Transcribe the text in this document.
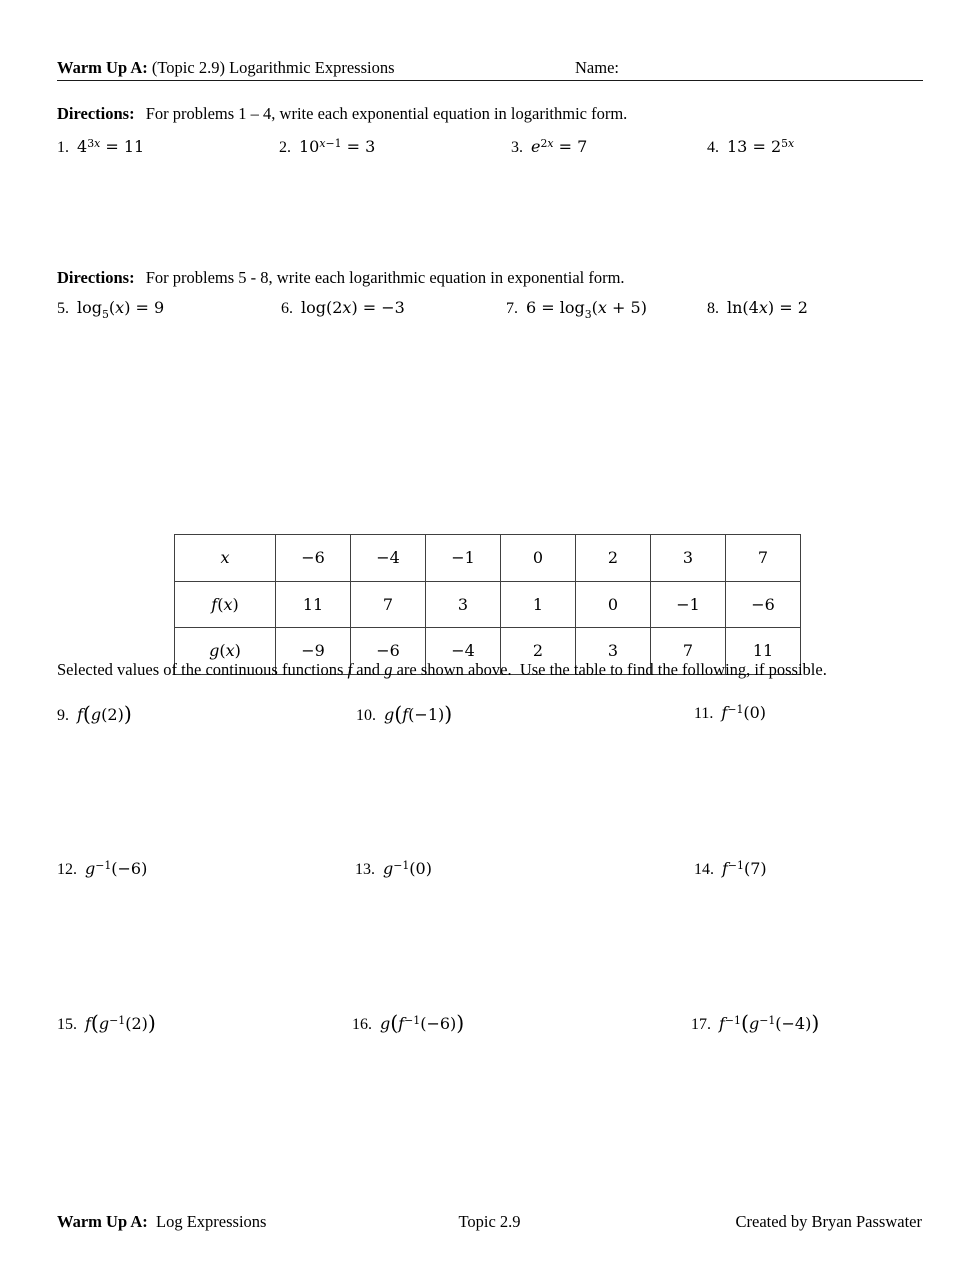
Warm Up A: (Topic 2.9) Logarithmic Expressions

	Name:

Directions: For problems 1 – 4, write each exponential equation in logarithmic form.

1. $4^{3x} = 11$

	2. $10^{x-1} = 3$

	3. $e^{2x} = 7$

	4. $13 = 2^{5x}$

Directions: For problems 5 - 8, write each logarithmic equation in exponential form.

5. $\log_5(x) = 9$

	6. log(2x) = −3

	7. $6 = \log_3(x + 5)$

	8. ln(4x) = 2

x	−6	−4	−1	0	2	3	7
f(x)	11	7	3	1	0	−1	−6
g(x)	−9	−6	−4	2	3	7	11

Selected values of the continuous functions f and g are shown above.  Use the table to find the following, if possible.

9. f(g(2))

	10. g(f(−1))

	11. $f^{-1}(0)$

12. $g^{-1}(-6)$

	13. $g^{-1}(0)$

	14. $f^{-1}(7)$

15. $f(g^{-1}(2))$

	16. $g(f^{-1}(-6))$

	17. $f^{-1}(g^{-1}(-4))$

Warm Up A:  Log Expressions

	Topic 2.9

	Created by Bryan Passwater
